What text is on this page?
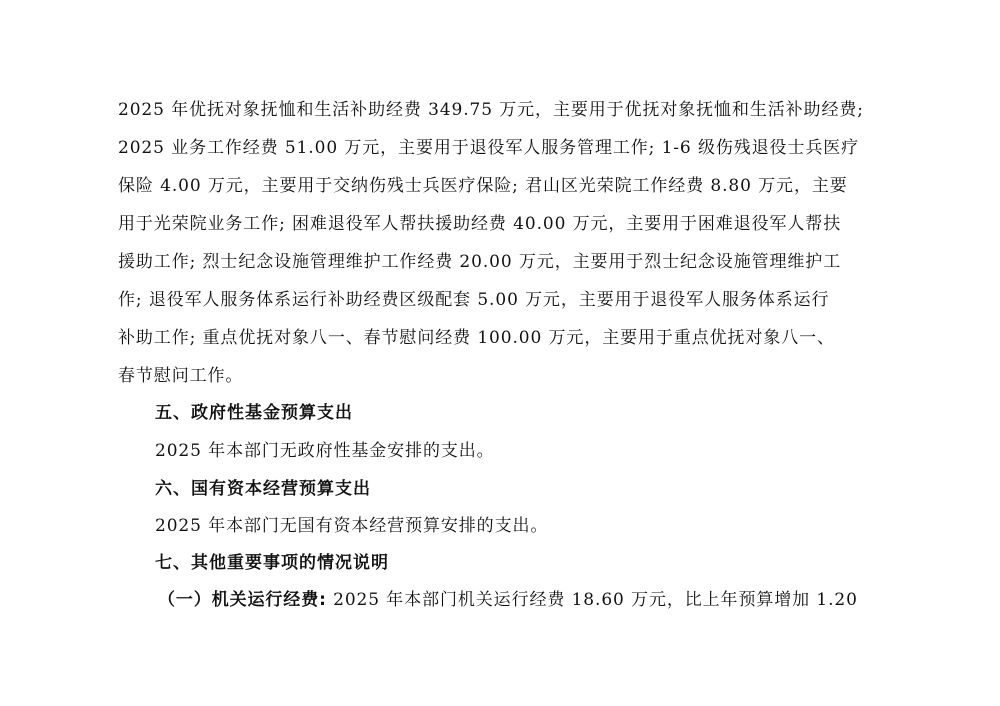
2025 年优抚对象抚恤和生活补助经费 349.75 万元，主要用于优抚对象抚恤和生活补助经费;
2025 业务工作经费 51.00 万元，主要用于退役军人服务管理工作; 1-6 级伤残退役士兵医疗
保险 4.00 万元，主要用于交纳伤残士兵医疗保险; 君山区光荣院工作经费 8.80 万元，主要
用于光荣院业务工作; 困难退役军人帮扶援助经费 40.00 万元，主要用于困难退役军人帮扶
援助工作; 烈士纪念设施管理维护工作经费 20.00 万元，主要用于烈士纪念设施管理维护工
作; 退役军人服务体系运行补助经费区级配套 5.00 万元，主要用于退役军人服务体系运行
补助工作; 重点优抚对象八一、春节慰问经费 100.00 万元，主要用于重点优抚对象八一、
春节慰问工作。
五、政府性基金预算支出
2025 年本部门无政府性基金安排的支出。
六、国有资本经营预算支出
2025 年本部门无国有资本经营预算安排的支出。
七、其他重要事项的情况说明
（一）机关运行经费: 2025 年本部门机关运行经费 18.60 万元，比上年预算增加 1.20
